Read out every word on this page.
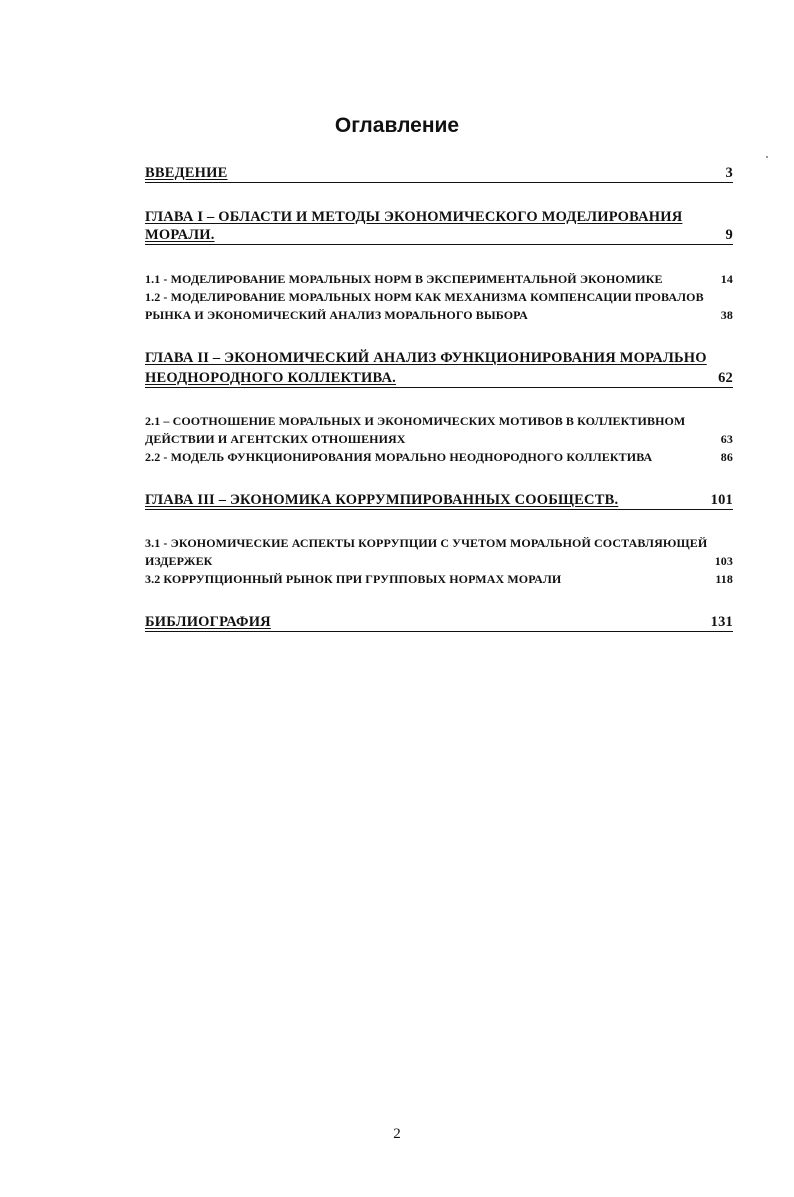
Оглавление
ВВЕДЕНИЕ	3
ГЛАВА I – ОБЛАСТИ И МЕТОДЫ ЭКОНОМИЧЕСКОГО МОДЕЛИРОВАНИЯ
МОРАЛИ.	9
1.1 - МОДЕЛИРОВАНИЕ МОРАЛЬНЫХ НОРМ В ЭКСПЕРИМЕНТАЛЬНОЙ ЭКОНОМИКЕ	14
1.2 - МОДЕЛИРОВАНИЕ МОРАЛЬНЫХ НОРМ КАК МЕХАНИЗМА КОМПЕНСАЦИИ ПРОВАЛОВ
РЫНКА И ЭКОНОМИЧЕСКИЙ АНАЛИЗ МОРАЛЬНОГО ВЫБОРА	38
ГЛАВА II – ЭКОНОМИЧЕСКИЙ АНАЛИЗ ФУНКЦИОНИРОВАНИЯ МОРАЛЬНО
НЕОДНОРОДНОГО КОЛЛЕКТИВА.	62
2.1 – СООТНОШЕНИЕ МОРАЛЬНЫХ И ЭКОНОМИЧЕСКИХ МОТИВОВ В КОЛЛЕКТИВНОМ
ДЕЙСТВИИ И АГЕНТСКИХ ОТНОШЕНИЯХ	63
2.2 - МОДЕЛЬ ФУНКЦИОНИРОВАНИЯ МОРАЛЬНО НЕОДНОРОДНОГО КОЛЛЕКТИВА	86
ГЛАВА III – ЭКОНОМИКА КОРРУМПИРОВАННЫХ СООБЩЕСТВ.	101
3.1 - ЭКОНОМИЧЕСКИЕ АСПЕКТЫ КОРРУПЦИИ С УЧЕТОМ МОРАЛЬНОЙ СОСТАВЛЯЮЩЕЙ
ИЗДЕРЖЕК	103
3.2 КОРРУПЦИОННЫЙ РЫНОК ПРИ ГРУППОВЫХ НОРМАХ МОРАЛИ	118
БИБЛИОГРАФИЯ	131
2
